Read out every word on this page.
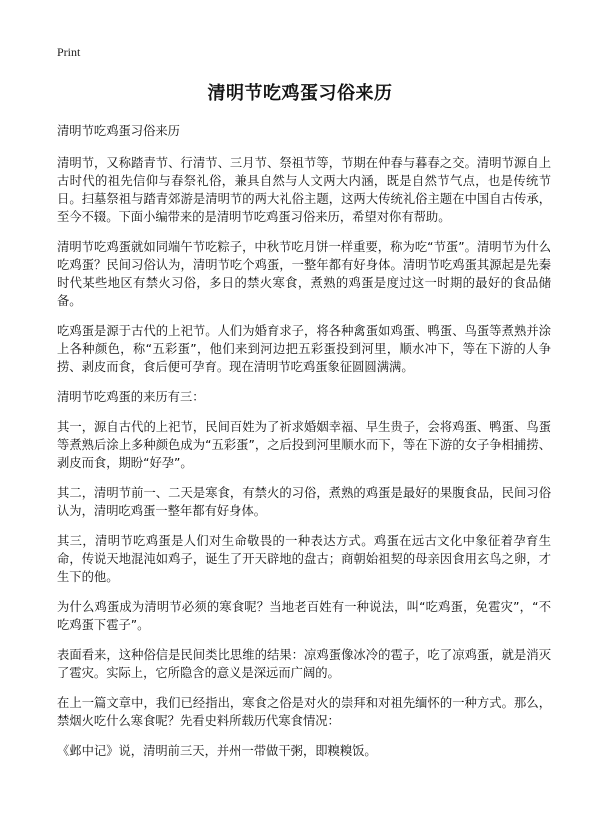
Print
清明节吃鸡蛋习俗来历

清明节吃鸡蛋习俗来历

清明节，又称踏青节、行清节、三月节、祭祖节等，节期在仲春与暮春之交。清明节源自上古时代的祖先信仰与春祭礼俗，兼具自然与人文两大内涵，既是自然节气点，也是传统节日。扫墓祭祖与踏青郊游是清明节的两大礼俗主题，这两大传统礼俗主题在中国自古传承，至今不辍。下面小编带来的是清明节吃鸡蛋习俗来历，希望对你有帮助。

清明节吃鸡蛋就如同端午节吃粽子，中秋节吃月饼一样重要，称为吃“节蛋”。清明节为什么吃鸡蛋？民间习俗认为，清明节吃个鸡蛋，一整年都有好身体。清明节吃鸡蛋其源起是先秦时代某些地区有禁火习俗，多日的禁火寒食，煮熟的鸡蛋是度过这一时期的最好的食品储备。

吃鸡蛋是源于古代的上祀节。人们为婚育求子，将各种禽蛋如鸡蛋、鸭蛋、鸟蛋等煮熟并涂上各种颜色，称“五彩蛋”，他们来到河边把五彩蛋投到河里，顺水冲下，等在下游的人争捞、剥皮而食，食后便可孕育。现在清明节吃鸡蛋象征圆圆满满。

清明节吃鸡蛋的来历有三：

其一，源自古代的上祀节，民间百姓为了祈求婚姻幸福、早生贵子，会将鸡蛋、鸭蛋、鸟蛋等煮熟后涂上多种颜色成为“五彩蛋”，之后投到河里顺水而下，等在下游的女子争相捕捞、剥皮而食，期盼“好孕”。

其二，清明节前一、二天是寒食，有禁火的习俗，煮熟的鸡蛋是最好的果腹食品，民间习俗认为，清明吃鸡蛋一整年都有好身体。

其三，清明节吃鸡蛋是人们对生命敬畏的一种表达方式。鸡蛋在远古文化中象征着孕育生命，传说天地混沌如鸡子，诞生了开天辟地的盘古；商朝始祖契的母亲因食用玄鸟之卵，才生下的他。

为什么鸡蛋成为清明节必须的寒食呢？当地老百姓有一种说法，叫“吃鸡蛋，免雹灾”，“不吃鸡蛋下雹子”。

表面看来，这种俗信是民间类比思维的结果：凉鸡蛋像冰冷的雹子，吃了凉鸡蛋，就是消灭了雹灾。实际上，它所隐含的意义是深远而广阔的。

在上一篇文章中，我们已经指出，寒食之俗是对火的崇拜和对祖先缅怀的一种方式。那么，禁烟火吃什么寒食呢？先看史料所载历代寒食情况：

《邺中记》说，清明前三天，并州一带做干粥，即糗糗饭。
